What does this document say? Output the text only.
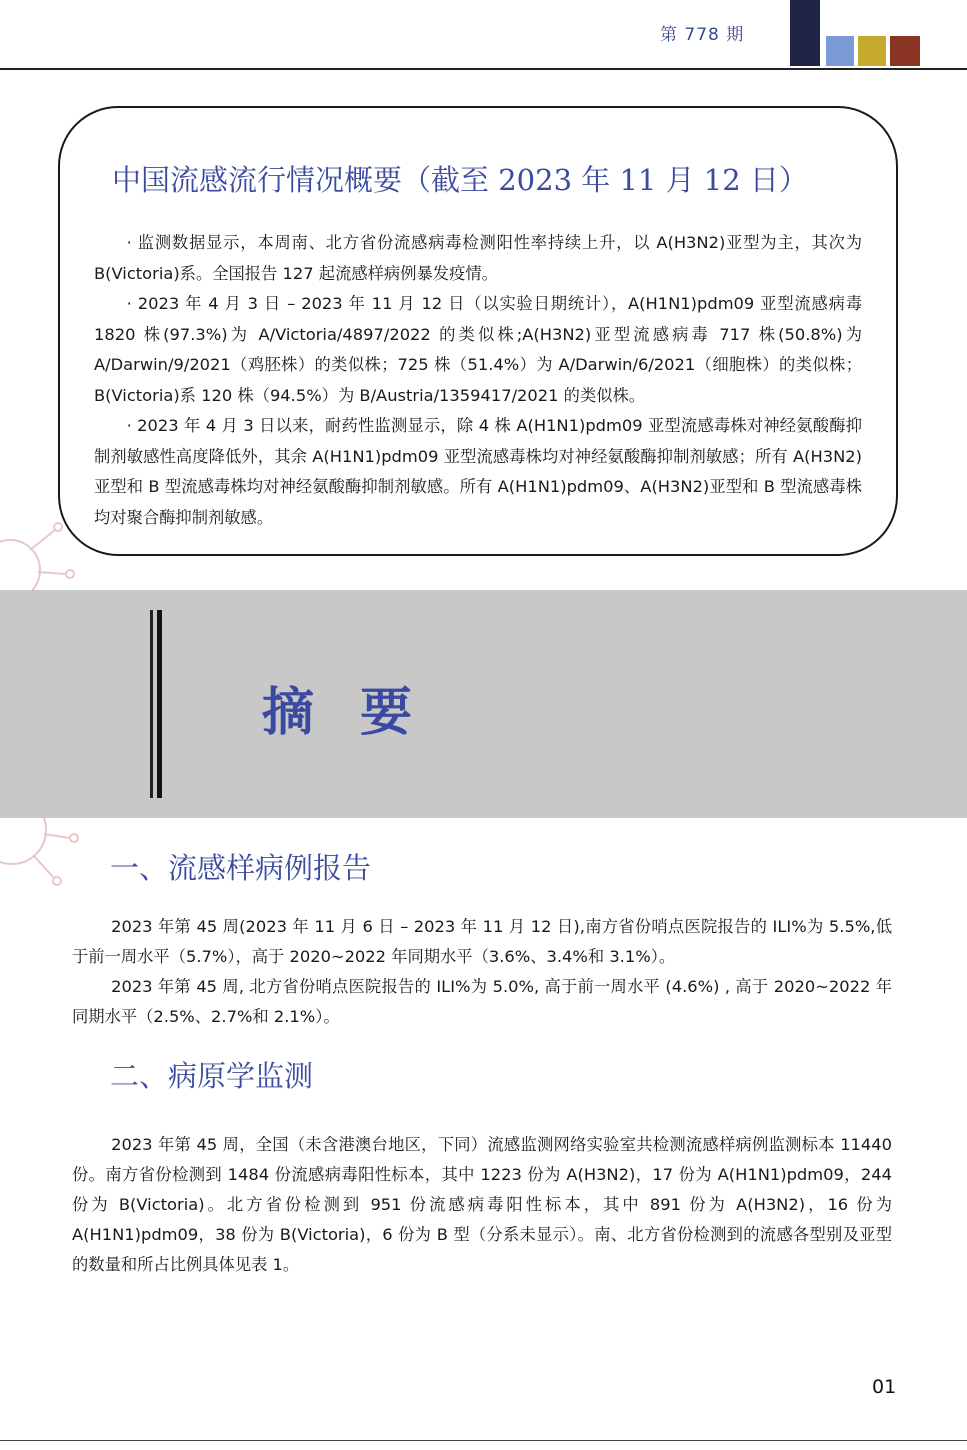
第 778 期
中国流感流行情况概要（截至 2023 年 11 月 12 日）

· 监测数据显示，本周南、北方省份流感病毒检测阳性率持续上升，以 A(H3N2)亚型为主，其次为 B(Victoria)系。全国报告 127 起流感样病例暴发疫情。

· 2023 年 4 月 3 日 – 2023 年 11 月 12 日（以实验日期统计），A(H1N1)pdm09 亚型流感病毒 1820 株(97.3%)为 A/Victoria/4897/2022 的类似株;A(H3N2)亚型流感病毒 717 株(50.8%)为 A/Darwin/9/2021（鸡胚株）的类似株；725 株（51.4%）为 A/Darwin/6/2021（细胞株）的类似株；B(Victoria)系 120 株（94.5%）为 B/Austria/1359417/2021 的类似株。

· 2023 年 4 月 3 日以来，耐药性监测显示，除 4 株 A(H1N1)pdm09 亚型流感毒株对神经氨酸酶抑制剂敏感性高度降低外，其余 A(H1N1)pdm09 亚型流感毒株均对神经氨酸酶抑制剂敏感；所有 A(H3N2)亚型和 B 型流感毒株均对神经氨酸酶抑制剂敏感。所有 A(H1N1)pdm09、A(H3N2)亚型和 B 型流感毒株均对聚合酶抑制剂敏感。

摘要
一、流感样病例报告

2023 年第 45 周(2023 年 11 月 6 日 – 2023 年 11 月 12 日),南方省份哨点医院报告的 ILI%为 5.5%,低于前一周水平（5.7%），高于 2020~2022 年同期水平（3.6%、3.4%和 3.1%）。

2023 年第 45 周, 北方省份哨点医院报告的 ILI%为 5.0%, 高于前一周水平 (4.6%) , 高于 2020~2022 年同期水平（2.5%、2.7%和 2.1%）。

二、病原学监测

2023 年第 45 周，全国（未含港澳台地区，下同）流感监测网络实验室共检测流感样病例监测标本 11440 份。南方省份检测到 1484 份流感病毒阳性标本，其中 1223 份为 A(H3N2)，17 份为 A(H1N1)pdm09，244 份为 B(Victoria)。北方省份检测到 951 份流感病毒阳性标本，其中 891 份为 A(H3N2)，16 份为 A(H1N1)pdm09，38 份为 B(Victoria)，6 份为 B 型（分系未显示）。南、北方省份检测到的流感各型别及亚型的数量和所占比例具体见表 1。

01
